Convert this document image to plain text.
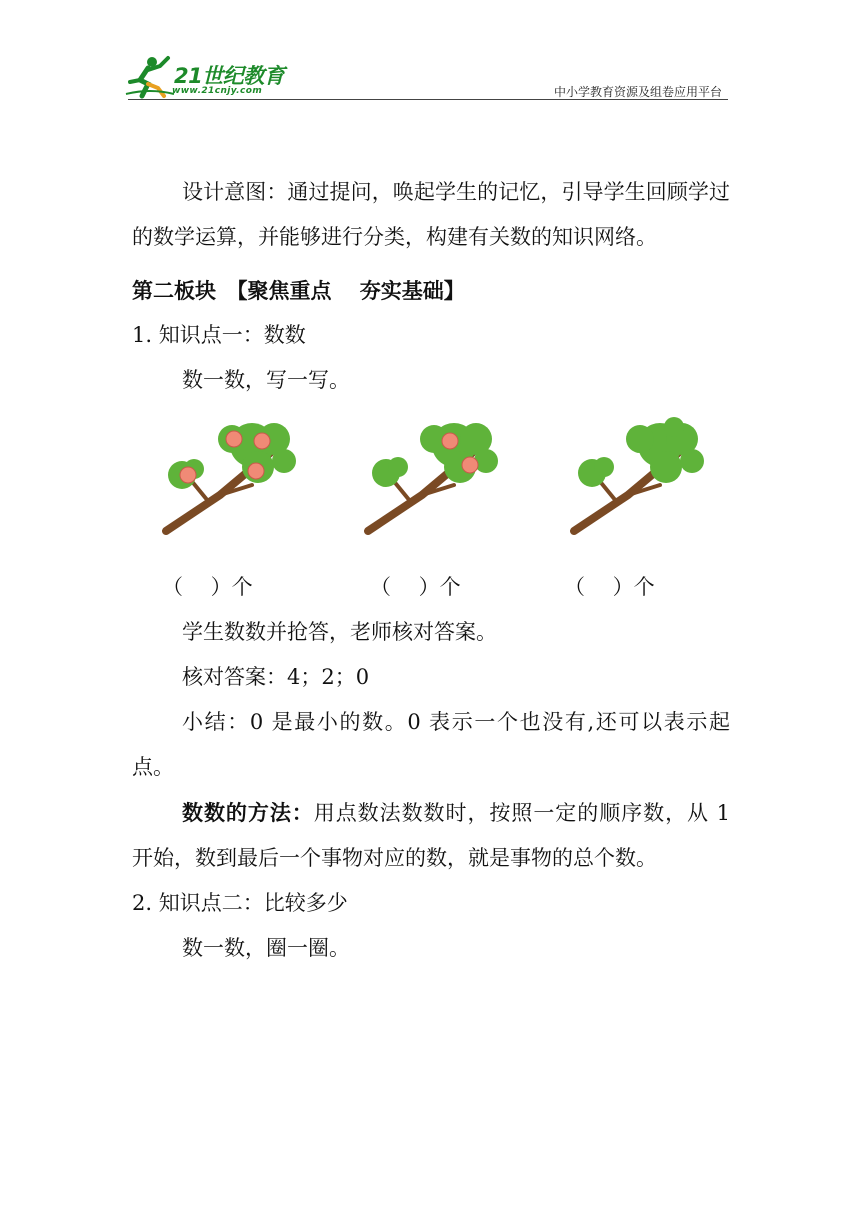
21世纪教育
www.21cnjy.com	中小学教育资源及组卷应用平台

设计意图：通过提问，唤起学生的记忆，引导学生回顾学过的数学运算，并能够进行分类，构建有关数的知识网络。

第二板块　【聚焦重点　 夯实基础】

1. 知识点一：数数

数一数，写一写。

（　 ）个	（　 ）个	（　 ）个

学生数数并抢答，老师核对答案。

核对答案：4；2；0

小结：0 是最小的数。0 表示一个也没有,还可以表示起点。

数数的方法：用点数法数数时，按照一定的顺序数，从 1 开始，数到最后一个事物对应的数，就是事物的总个数。

2. 知识点二：比较多少

数一数，圈一圈。
